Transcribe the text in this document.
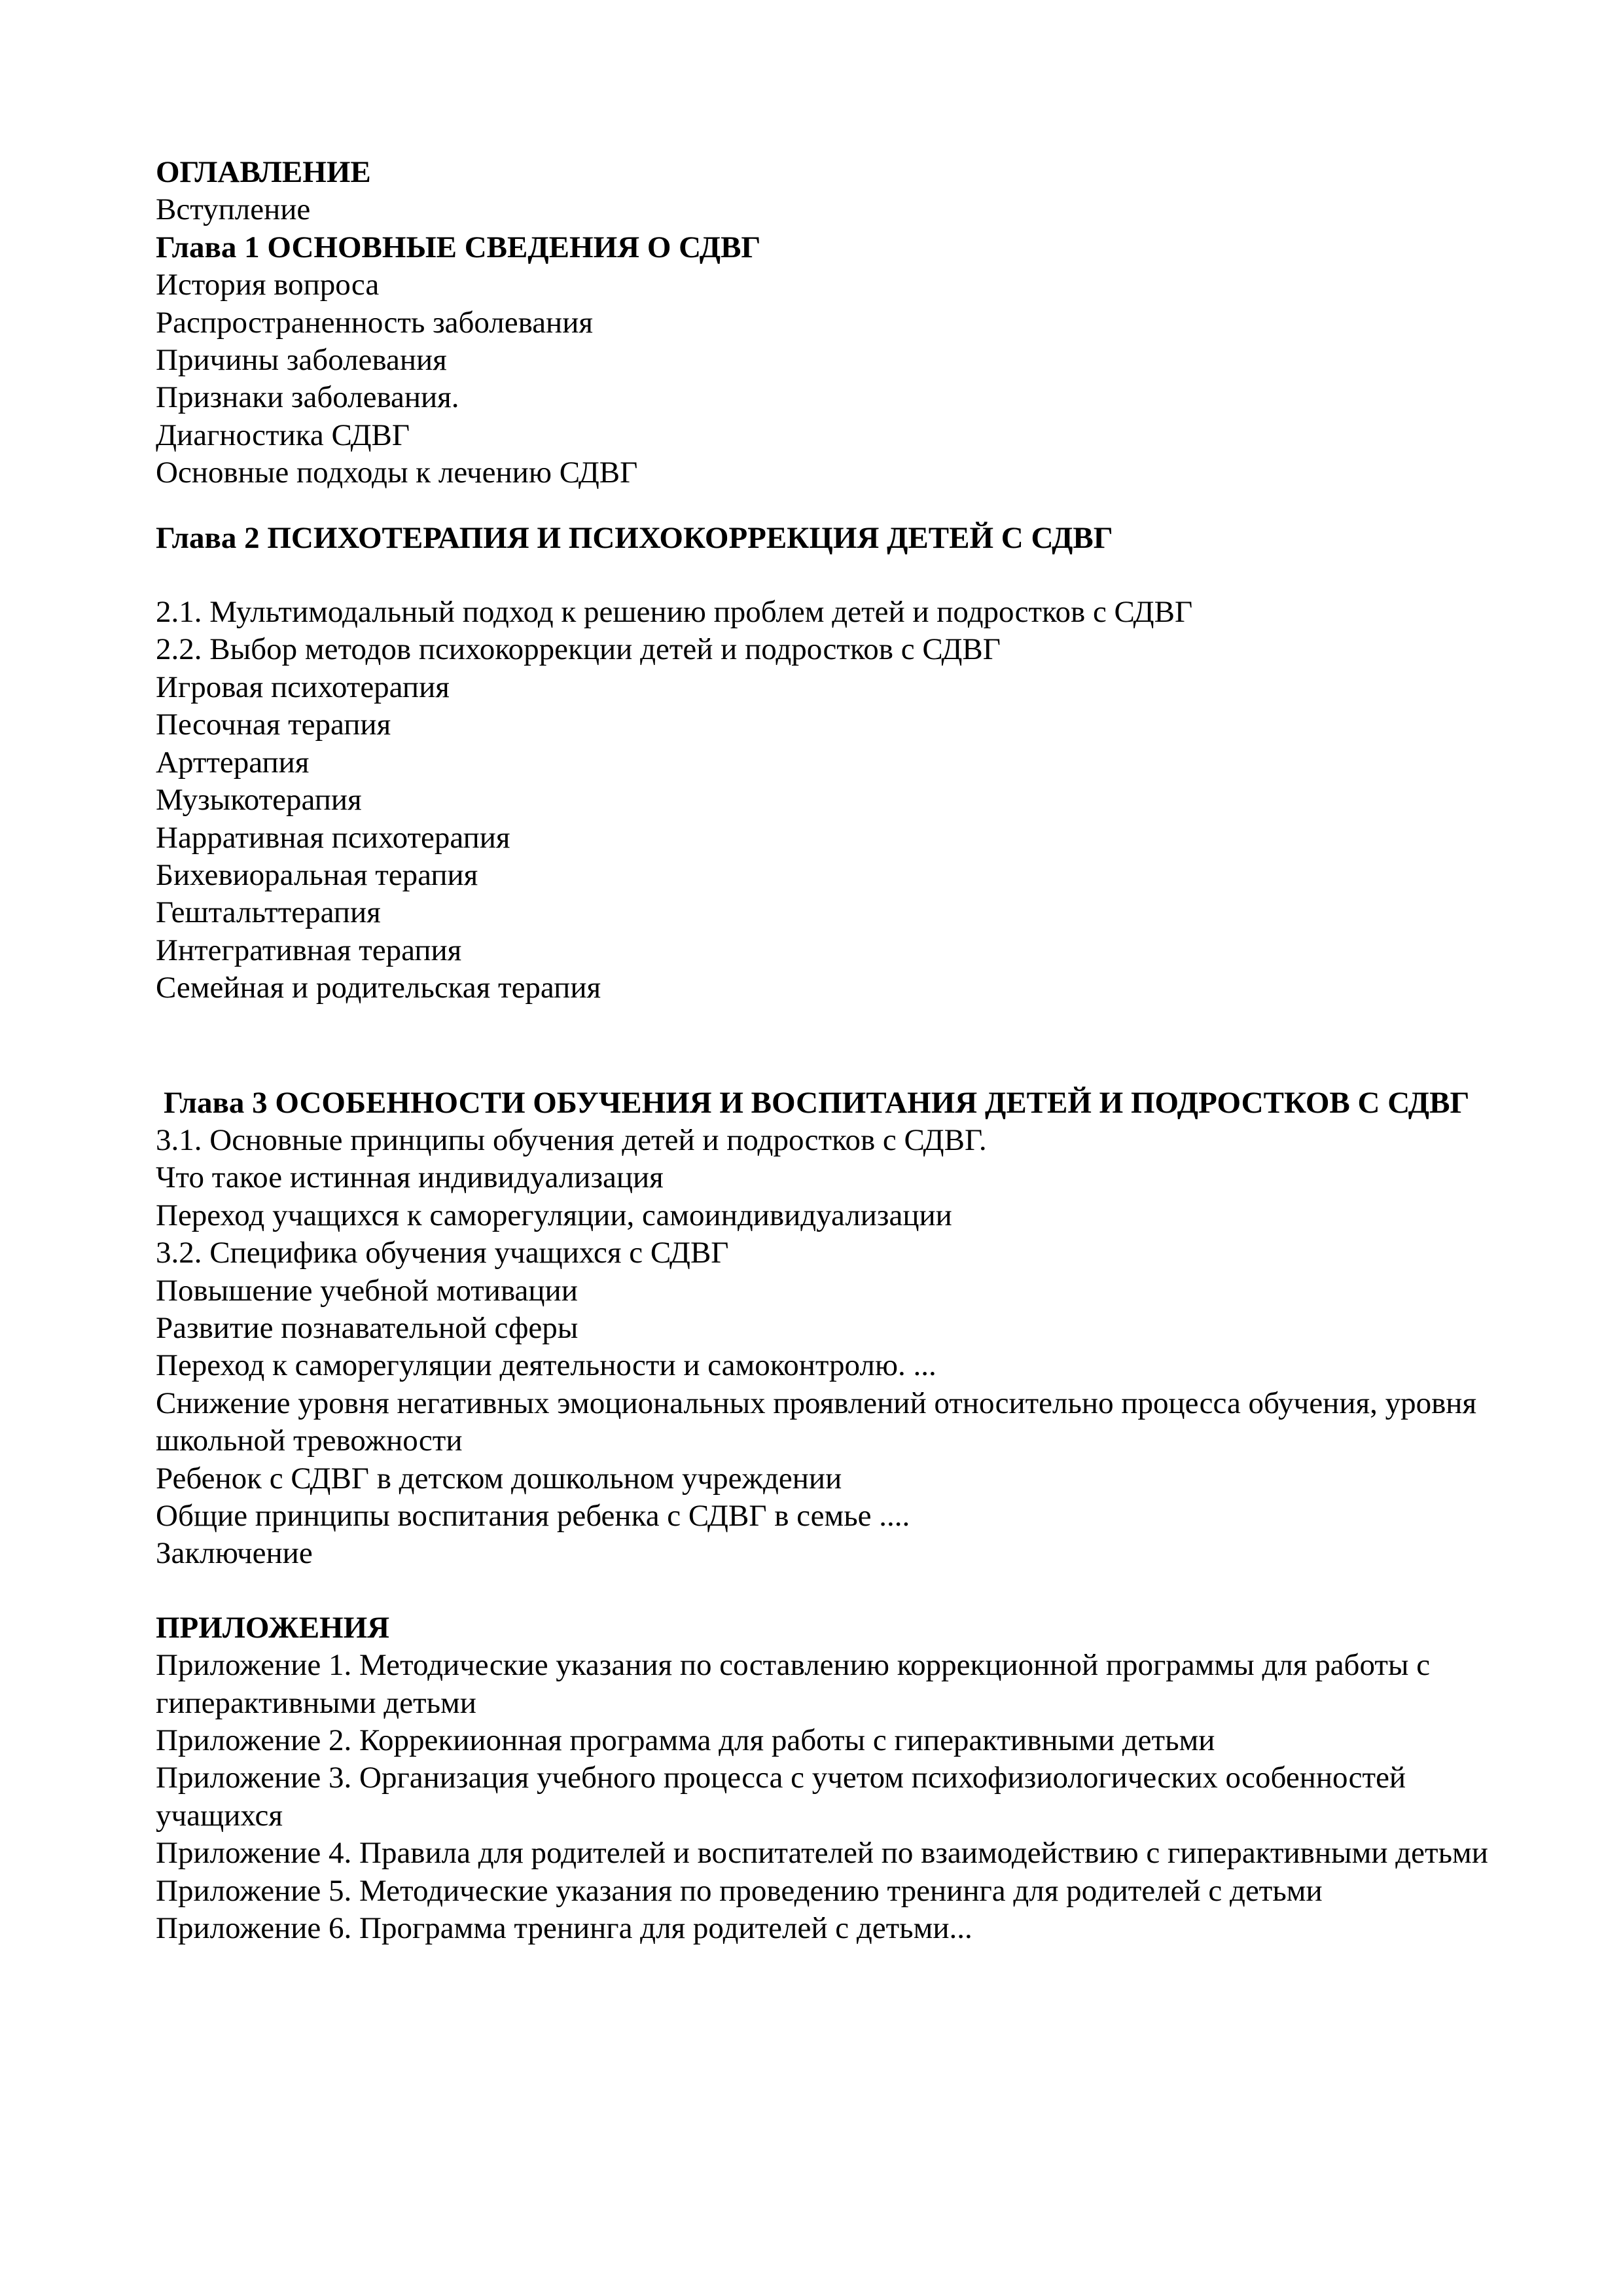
ОГЛАВЛЕНИЕ
Вступление
Глава 1 ОСНОВНЫЕ СВЕДЕНИЯ О СДВГ
История вопроса
Распространенность заболевания
Причины заболевания
Признаки заболевания.
Диагностика СДВГ
Основные подходы к лечению СДВГ
Глава 2 ПСИХОТЕРАПИЯ И ПСИХОКОРРЕКЦИЯ ДЕТЕЙ С СДВГ
2.1. Мультимодальный подход к решению проблем детей и подростков с СДВГ
2.2. Выбор методов психокоррекции детей и подростков с СДВГ
Игровая психотерапия
Песочная терапия
Арттерапия
Музыкотерапия
Нарративная психотерапия
Бихевиоральная терапия
Гештальттерапия
Интегративная терапия
Семейная и родительская терапия
Глава 3 ОСОБЕННОСТИ ОБУЧЕНИЯ И ВОСПИТАНИЯ ДЕТЕЙ И ПОДРОСТКОВ С СДВГ
3.1. Основные принципы обучения детей и подростков с СДВГ.
Что такое истинная индивидуализация
Переход учащихся к саморегуляции, самоиндивидуализации
3.2. Специфика обучения учащихся с СДВГ
Повышение учебной мотивации
Развитие познавательной сферы
Переход к саморегуляции деятельности и самоконтролю. ...
Снижение уровня негативных эмоциональных проявлений относительно процесса обучения, уровня школьной тревожности
Ребенок с СДВГ в детском дошкольном учреждении
Общие принципы воспитания ребенка с СДВГ в семье ....
Заключение
ПРИЛОЖЕНИЯ
Приложение 1. Методические указания по составлению коррекционной программы для работы с гиперактивными детьми
Приложение 2. Коррекиионная программа для работы с гиперактивными детьми
Приложение 3. Организация учебного процесса с учетом психофизиологических особенностей учащихся
Приложение 4. Правила для родителей и воспитателей по взаимодействию с гиперактивными детьми
Приложение 5. Методические указания по проведению тренинга для родителей с детьми
Приложение 6. Программа тренинга для родителей с детьми...
